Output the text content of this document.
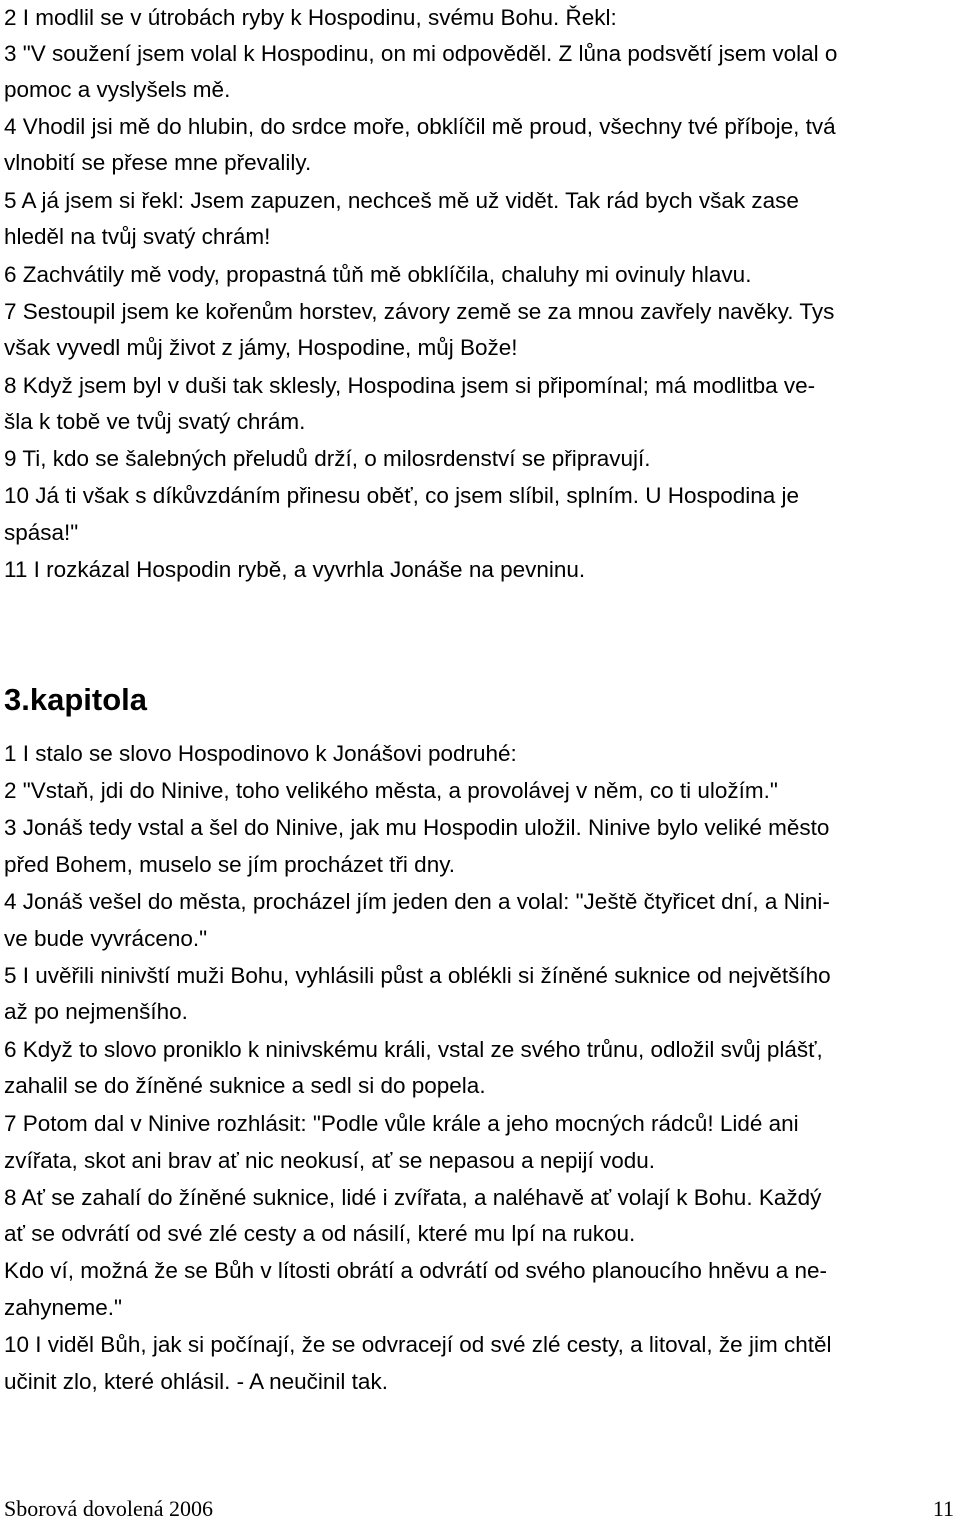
2 I modlil se v útrobách ryby k Hospodinu, svému Bohu. Řekl:
3 "V soužení jsem volal k Hospodinu, on mi odpověděl. Z lůna podsvětí jsem volal o
pomoc a vyslyšels mě.
4 Vhodil jsi mě do hlubin, do srdce moře, obklíčil mě proud, všechny tvé příboje, tvá
vlnobití se přese mne převalily.
5 A já jsem si řekl: Jsem zapuzen, nechceš mě už vidět. Tak rád bych však zase
hleděl na tvůj svatý chrám!
6 Zachvátily mě vody, propastná tůň mě obklíčila, chaluhy mi ovinuly hlavu.
7 Sestoupil jsem ke kořenům horstev, závory země se za mnou zavřely navěky. Tys
však vyvedl můj život z jámy, Hospodine, můj Bože!
8 Když jsem byl v duši tak sklesly, Hospodina jsem si připomínal; má modlitba ve-
šla k tobě ve tvůj svatý chrám.
9 Ti, kdo se šalebných přeludů drží, o milosrdenství se připravují.
10 Já ti však s díkůvzdáním přinesu oběť, co jsem slíbil, splním. U Hospodina je
spása!"
11 I rozkázal Hospodin rybě, a vyvrhla Jonáše na pevninu.
3.kapitola
1 I stalo se slovo Hospodinovo k Jonášovi podruhé:
2 "Vstaň, jdi do Ninive, toho velikého města, a provolávej v něm, co ti uložím."
3 Jonáš tedy vstal a šel do Ninive, jak mu Hospodin uložil. Ninive bylo veliké město
před Bohem, muselo se jím procházet tři dny.
4 Jonáš vešel do města, procházel jím jeden den a volal: "Ještě čtyřicet dní, a Nini-
ve bude vyvráceno."
5 I uvěřili ninivští muži Bohu, vyhlásili půst a oblékli si žíněné suknice od největšího
až po nejmenšího.
6 Když to slovo proniklo k ninivskému králi, vstal ze svého trůnu, odložil svůj plášť,
zahalil se do žíněné suknice a sedl si do popela.
7 Potom dal v Ninive rozhlásit: "Podle vůle krále a jeho mocných rádců! Lidé ani
zvířata, skot ani brav ať nic neokusí, ať se nepasou a nepijí vodu.
8 Ať se zahalí do žíněné suknice, lidé i zvířata, a naléhavě ať volají k Bohu. Každý
ať se odvrátí od své zlé cesty a od násilí, které mu lpí na rukou.
Kdo ví, možná že se Bůh v lítosti obrátí a odvrátí od svého planoucího hněvu a ne-
zahyneme."
10 I viděl Bůh, jak si počínají, že se odvracejí od své zlé cesty, a litoval, že jim chtěl
učinit zlo, které ohlásil. - A neučinil tak.
Sborová dovolená 2006	11
